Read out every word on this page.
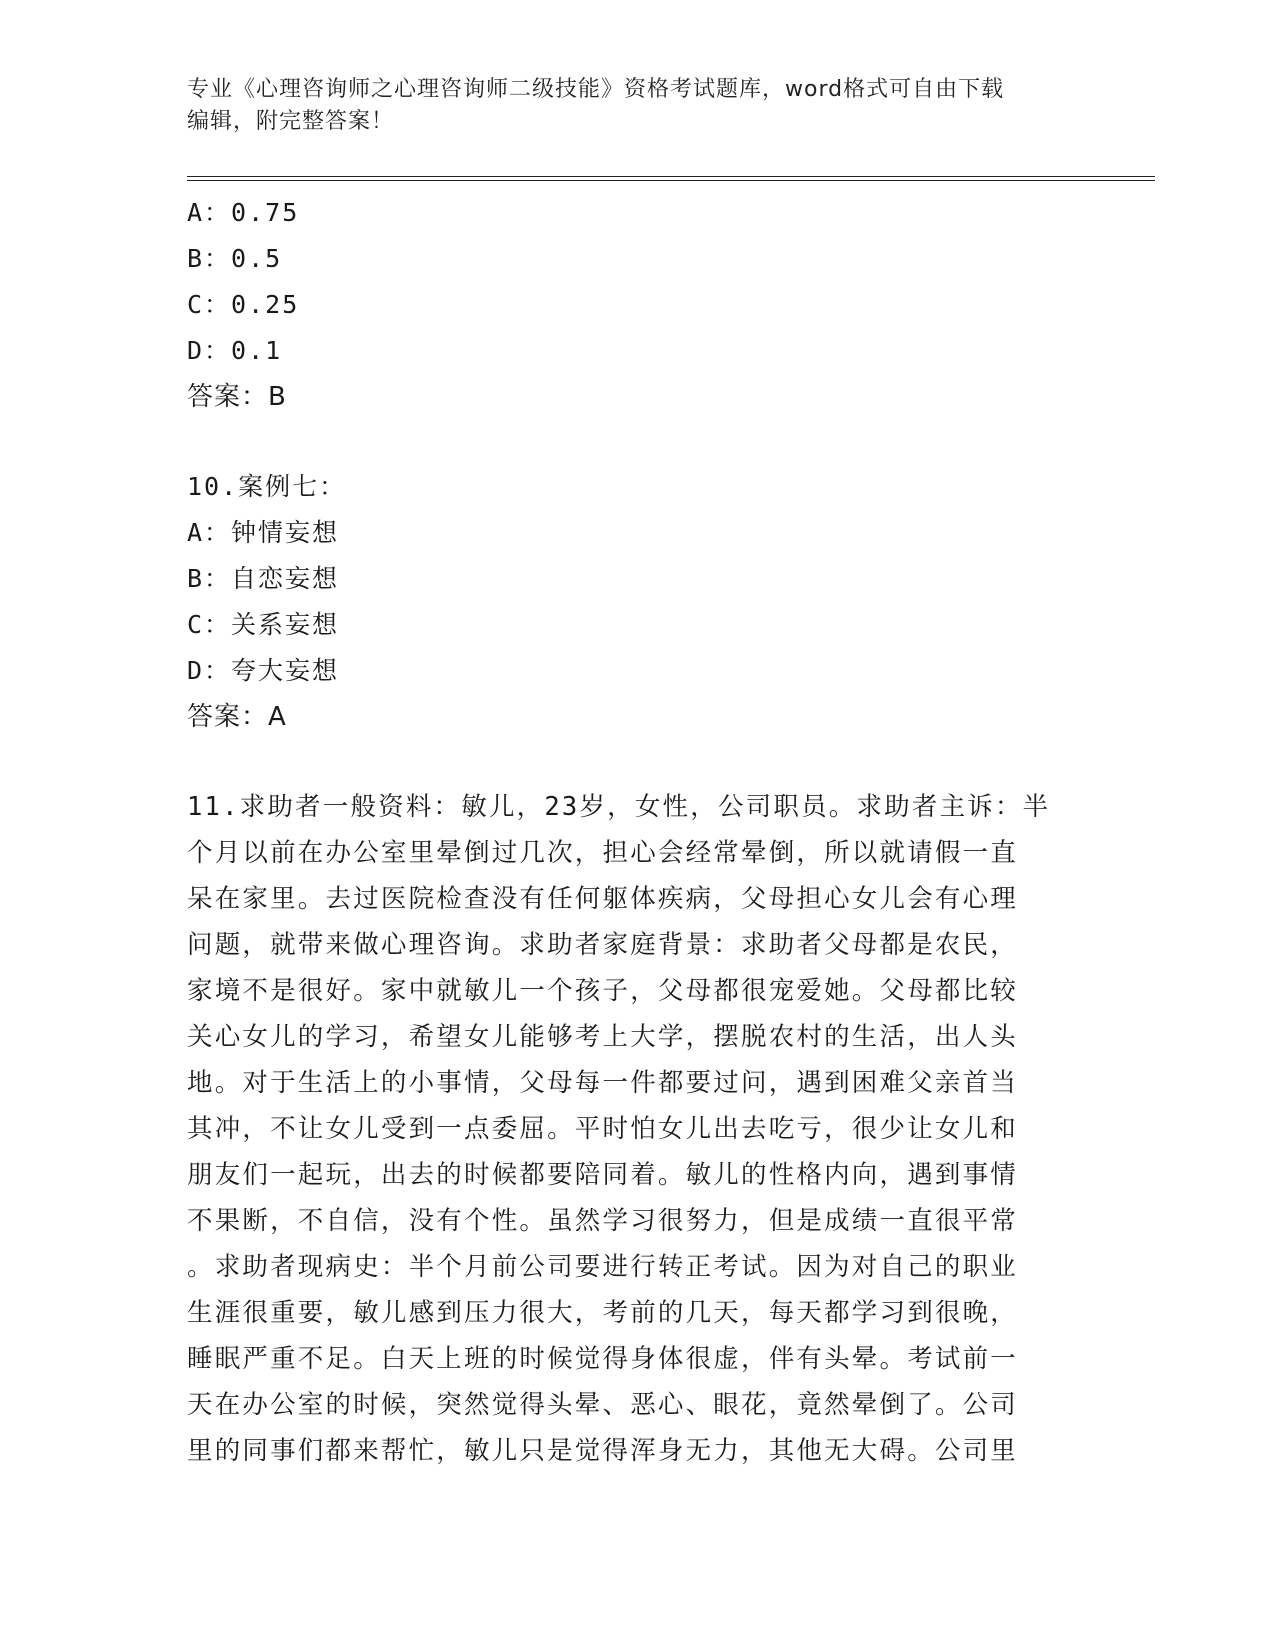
专业《心理咨询师之心理咨询师二级技能》资格考试题库，word格式可自由下载
编辑，附完整答案！
A：0.75
B：0.5
C：0.25
D：0.1
答案：B
10.案例七：
A：钟情妄想
B：自恋妄想
C：关系妄想
D：夸大妄想
答案：A
11.求助者一般资料：敏儿，23岁，女性，公司职员。求助者主诉：半
个月以前在办公室里晕倒过几次，担心会经常晕倒，所以就请假一直
呆在家里。去过医院检查没有任何躯体疾病，父母担心女儿会有心理
问题，就带来做心理咨询。求助者家庭背景：求助者父母都是农民，
家境不是很好。家中就敏儿一个孩子，父母都很宠爱她。父母都比较
关心女儿的学习，希望女儿能够考上大学，摆脱农村的生活，出人头
地。对于生活上的小事情，父母每一件都要过问，遇到困难父亲首当
其冲，不让女儿受到一点委屈。平时怕女儿出去吃亏，很少让女儿和
朋友们一起玩，出去的时候都要陪同着。敏儿的性格内向，遇到事情
不果断，不自信，没有个性。虽然学习很努力，但是成绩一直很平常
。求助者现病史：半个月前公司要进行转正考试。因为对自己的职业
生涯很重要，敏儿感到压力很大，考前的几天，每天都学习到很晚，
睡眠严重不足。白天上班的时候觉得身体很虚，伴有头晕。考试前一
天在办公室的时候，突然觉得头晕、恶心、眼花，竟然晕倒了。公司
里的同事们都来帮忙，敏儿只是觉得浑身无力，其他无大碍。公司里
